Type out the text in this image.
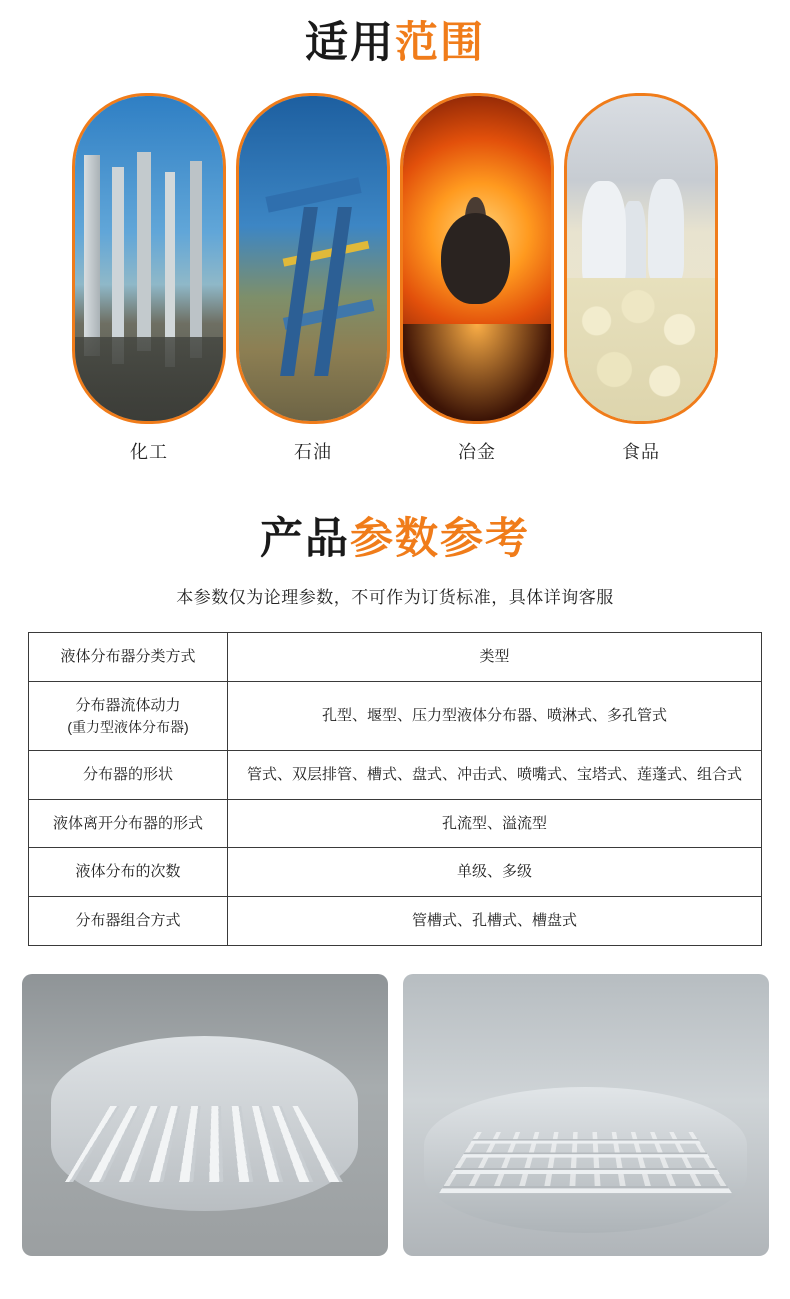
适用范围
化工	石油	冶金	食品
产品参数参考
本参数仅为论理参数，不可作为订货标准，具体详询客服
液体分布器分类方式	类型
分布器流体动力
(重力型液体分布器)	孔型、堰型、压力型液体分布器、喷淋式、多孔管式
分布器的形状	管式、双层排管、槽式、盘式、冲击式、喷嘴式、宝塔式、莲蓬式、组合式
液体离开分布器的形式	孔流型、溢流型
液体分布的次数	单级、多级
分布器组合方式	管槽式、孔槽式、槽盘式
